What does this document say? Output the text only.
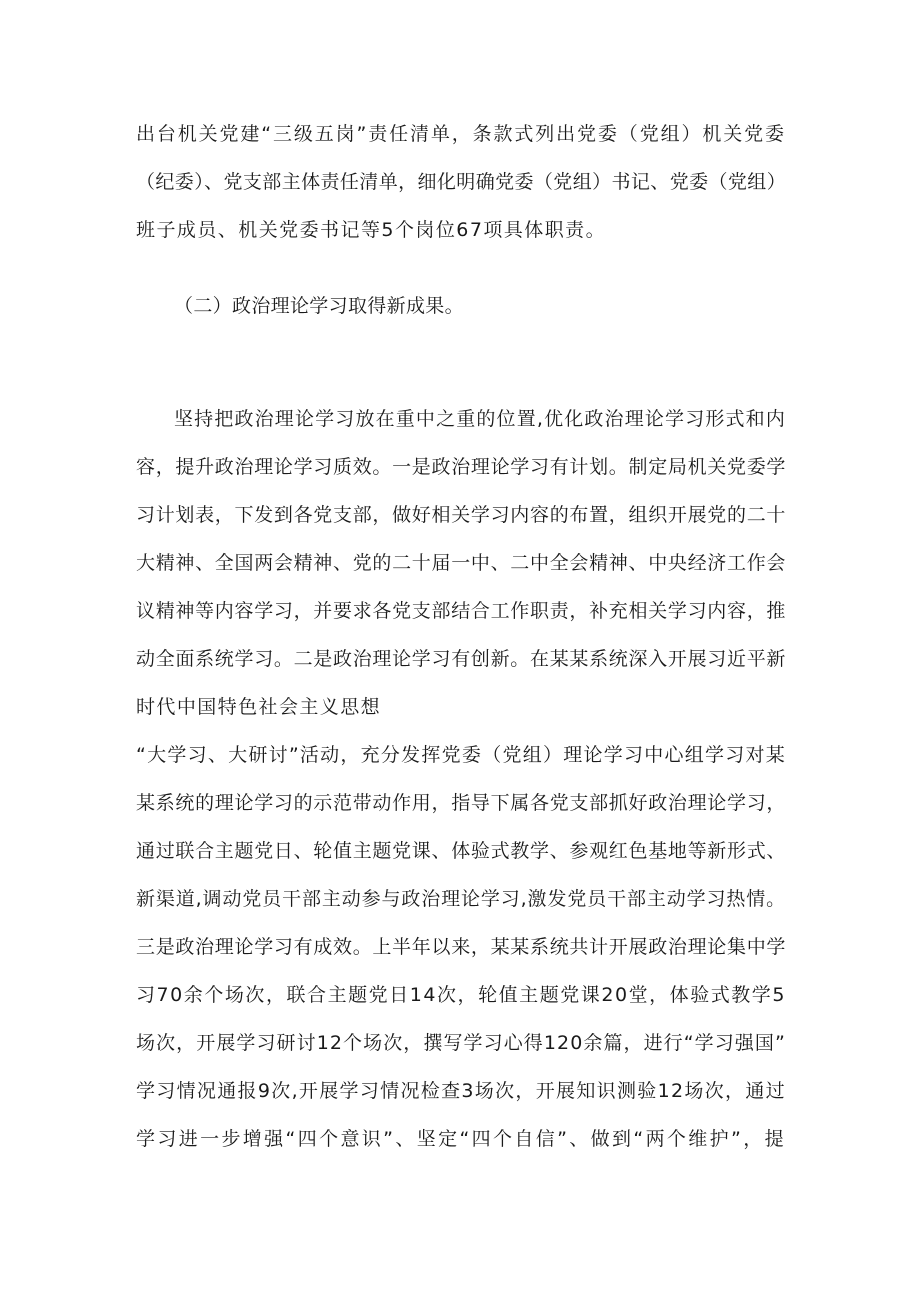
出台机关党建“三级五岗”责任清单，条款式列出党委（党组）机关党委
（纪委）、党支部主体责任清单，细化明确党委（党组）书记、党委（党组）
班子成员、机关党委书记等5个岗位67项具体职责。
（二）政治理论学习取得新成果。
坚持把政治理论学习放在重中之重的位置,优化政治理论学习形式和内
容，提升政治理论学习质效。一是政治理论学习有计划。制定局机关党委学
习计划表，下发到各党支部，做好相关学习内容的布置，组织开展党的二十
大精神、全国两会精神、党的二十届一中、二中全会精神、中央经济工作会
议精神等内容学习，并要求各党支部结合工作职责，补充相关学习内容，推
动全面系统学习。二是政治理论学习有创新。在某某系统深入开展习近平新
时代中国特色社会主义思想
“大学习、大研讨”活动，充分发挥党委（党组）理论学习中心组学习对某
某系统的理论学习的示范带动作用，指导下属各党支部抓好政治理论学习，
通过联合主题党日、轮值主题党课、体验式教学、参观红色基地等新形式、
新渠道,调动党员干部主动参与政治理论学习,激发党员干部主动学习热情。
三是政治理论学习有成效。上半年以来，某某系统共计开展政治理论集中学
习70余个场次，联合主题党日14次，轮值主题党课20堂，体验式教学5
场次，开展学习研讨12个场次，撰写学习心得120余篇，进行“学习强国”
学习情况通报9次,开展学习情况检查3场次，开展知识测验12场次，通过
学习进一步增强“四个意识”、坚定“四个自信”、做到“两个维护”，提
